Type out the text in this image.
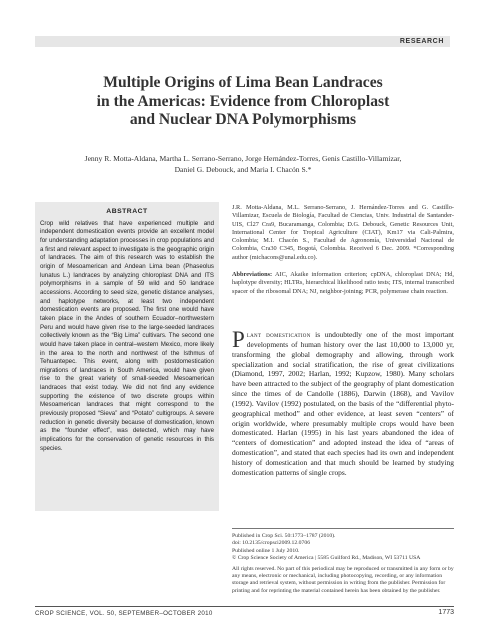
RESEARCH
Multiple Origins of Lima Bean Landraces
in the Americas: Evidence from Chloroplast
and Nuclear DNA Polymorphisms
Jenny R. Motta-Aldana, Martha L. Serrano-Serrano, Jorge Hernández-Torres, Genis Castillo-Villamizar,
Daniel G. Debouck, and Maria I. Chacón S.*
ABSTRACT

Crop wild relatives that have experienced multiple and independent domestication events provide an excellent model for understanding adaptation processes in crop populations and a first and relevant aspect to investigate is the geographic origin of landraces. The aim of this research was to establish the origin of Mesoamerican and Andean Lima bean (Phaseolus lunatus L.) landraces by analyzing chloroplast DNA and ITS polymorphisms in a sample of 59 wild and 50 landrace accessions. According to seed size, genetic distance analyses, and haplotype networks, at least two independent domestication events are proposed. The first one would have taken place in the Andes of southern Ecuador–northwestern Peru and would have given rise to the large-seeded landraces collectively known as the “Big Lima” cultivars. The second one would have taken place in central–western Mexico, more likely in the area to the north and northwest of the Isthmus of Tehuantepec. This event, along with postdomestication migrations of landraces in South America, would have given rise to the great variety of small-seeded Mesoamerican landraces that exist today. We did not find any evidence supporting the existence of two discrete groups within Mesoamerican landraces that might correspond to the previously proposed “Sieva” and “Potato” cultigroups. A severe reduction in genetic diversity because of domestication, known as the “founder effect”, was detected, which may have implications for the conservation of genetic resources in this species.

J.R. Motta-Aldana, M.L. Serrano-Serrano, J. Hernández-Torres and G. Castillo-Villamizar, Escuela de Biología, Facultad de Ciencias, Univ. Industrial de Santander-UIS, Cl27 Cra9, Bucaramanga, Colombia; D.G. Debouck, Genetic Resources Unit, International Center for Tropical Agriculture (CIAT), Km17 via Cali-Palmira, Colombia; M.I. Chacón S., Facultad de Agronomía, Universidad Nacional de Colombia, Cra30 C345, Bogotá, Colombia. Received 6 Dec. 2009. *Corresponding author (michacons@unal.edu.co).

Abbreviations: AIC, Akaike information criterion; cpDNA, chloroplast DNA; Hd, haplotype diversity; HLTRs, hierarchical likelihood ratio tests; ITS, internal transcribed spacer of the ribosomal DNA; NJ, neighbor-joining; PCR, polymerase chain reaction.

Plant domestication is undoubtedly one of the most important developments of human history over the last 10,000 to 13,000 yr, transforming the global demography and allowing, through work specialization and social stratification, the rise of great civilizations (Diamond, 1997, 2002; Harlan, 1992; Kupzow, 1980). Many scholars have been attracted to the subject of the geography of plant domestication since the times of de Candolle (1886), Darwin (1868), and Vavilov (1992). Vavilov (1992) postulated, on the basis of the “differential phyto-geographical method” and other evidence, at least seven “centers” of origin worldwide, where presumably multiple crops would have been domesticated. Harlan (1995) in his last years abandoned the idea of “centers of domestication” and adopted instead the idea of “areas of domestication”, and stated that each species had its own and independent history of domestication and that much should be learned by studying domestication patterns of single crops.
Published in Crop Sci. 50:1773–1787 (2010).
doi: 10.2135/cropsci2009.12.0706
Published online 1 July 2010.
© Crop Science Society of America | 5585 Guilford Rd., Madison, WI 53711 USA

All rights reserved. No part of this periodical may be reproduced or transmitted in any form or by any means, electronic or mechanical, including photocopying, recording, or any information storage and retrieval system, without permission in writing from the publisher. Permission for printing and for reprinting the material contained herein has been obtained by the publisher.

CROP SCIENCE, VOL. 50, SEPTEMBER–OCTOBER 2010	1773
